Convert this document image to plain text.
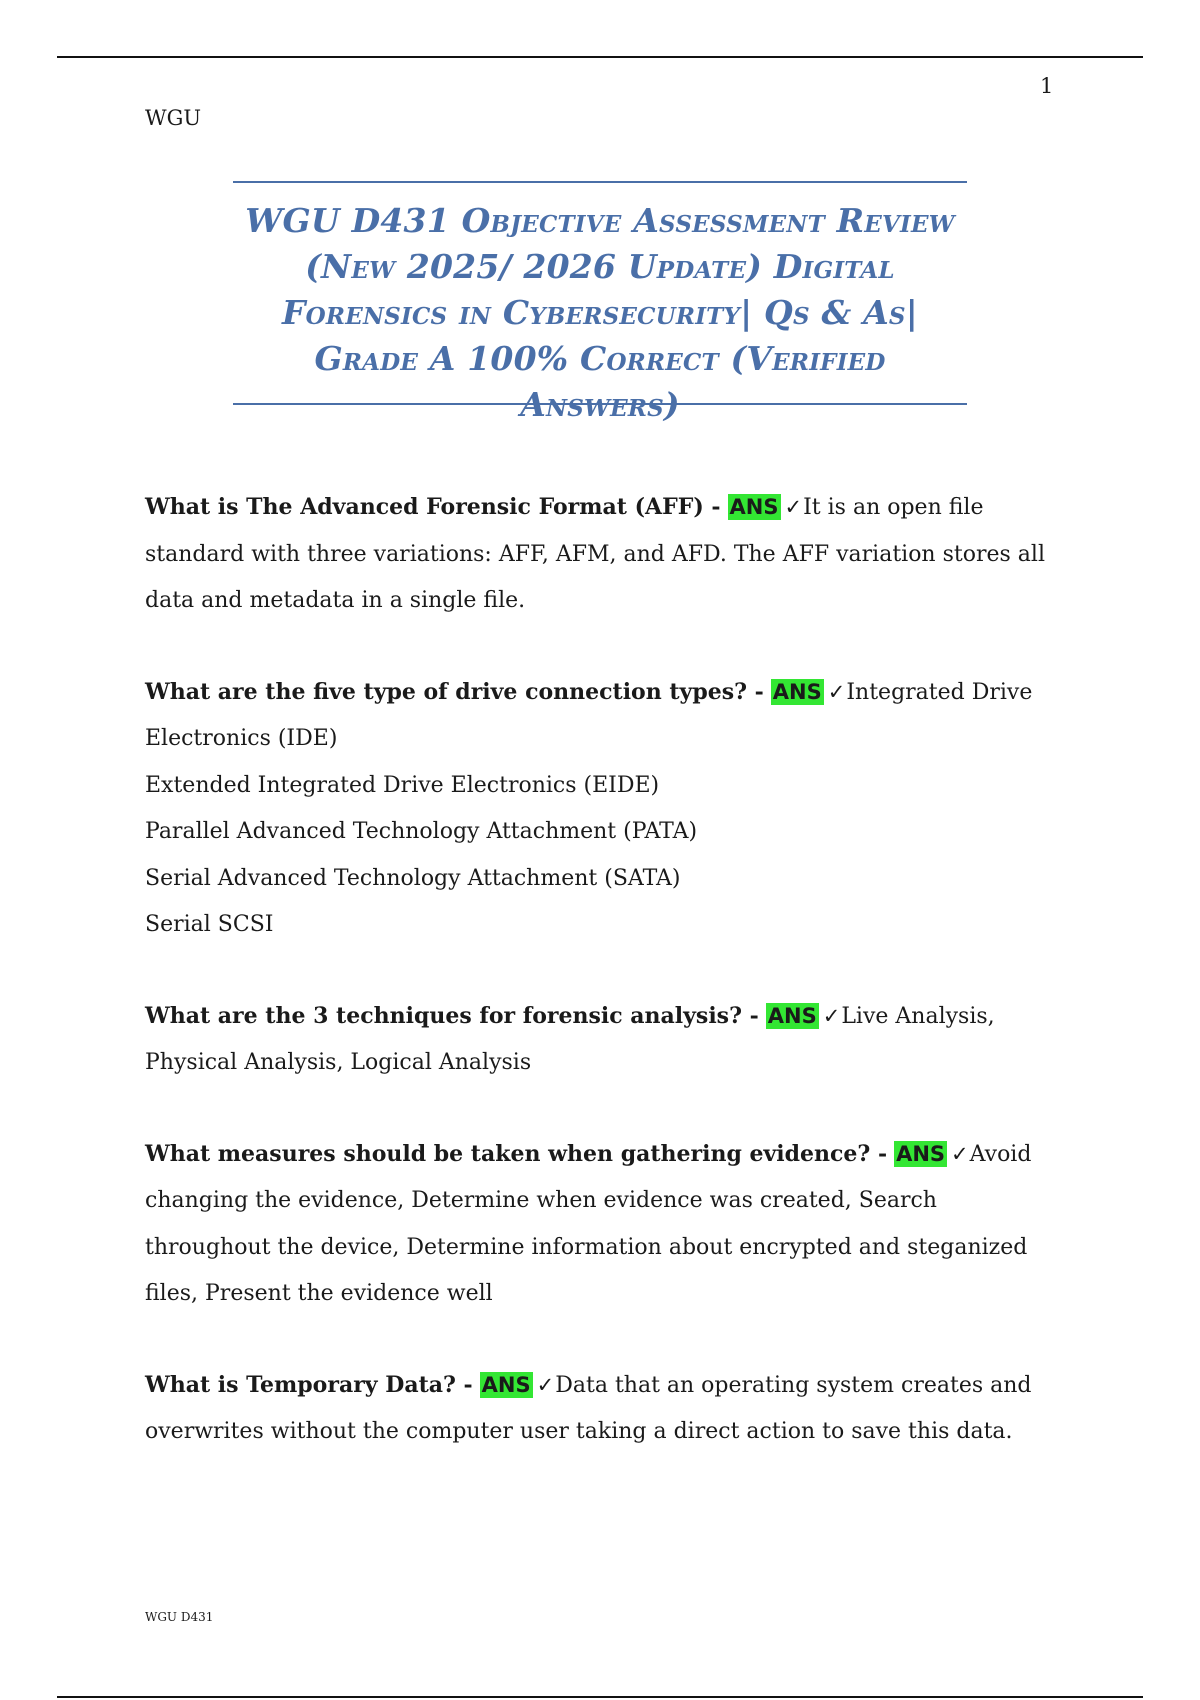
1
WGU
WGU D431 Objective Assessment Review (New 2025/ 2026 Update) Digital Forensics in Cybersecurity| Qs & As| Grade A 100% Correct (Verified Answers)
What is The Advanced Forensic Format (AFF) - ANS ✓It is an open file standard with three variations: AFF, AFM, and AFD. The AFF variation stores all data and metadata in a single file.
What are the five type of drive connection types? - ANS ✓Integrated Drive Electronics (IDE)
Extended Integrated Drive Electronics (EIDE)
Parallel Advanced Technology Attachment (PATA)
Serial Advanced Technology Attachment (SATA)
Serial SCSI
What are the 3 techniques for forensic analysis? - ANS ✓Live Analysis, Physical Analysis, Logical Analysis
What measures should be taken when gathering evidence? - ANS ✓Avoid changing the evidence, Determine when evidence was created, Search throughout the device, Determine information about encrypted and steganized files, Present the evidence well
What is Temporary Data? - ANS ✓Data that an operating system creates and overwrites without the computer user taking a direct action to save this data.
WGU D431
